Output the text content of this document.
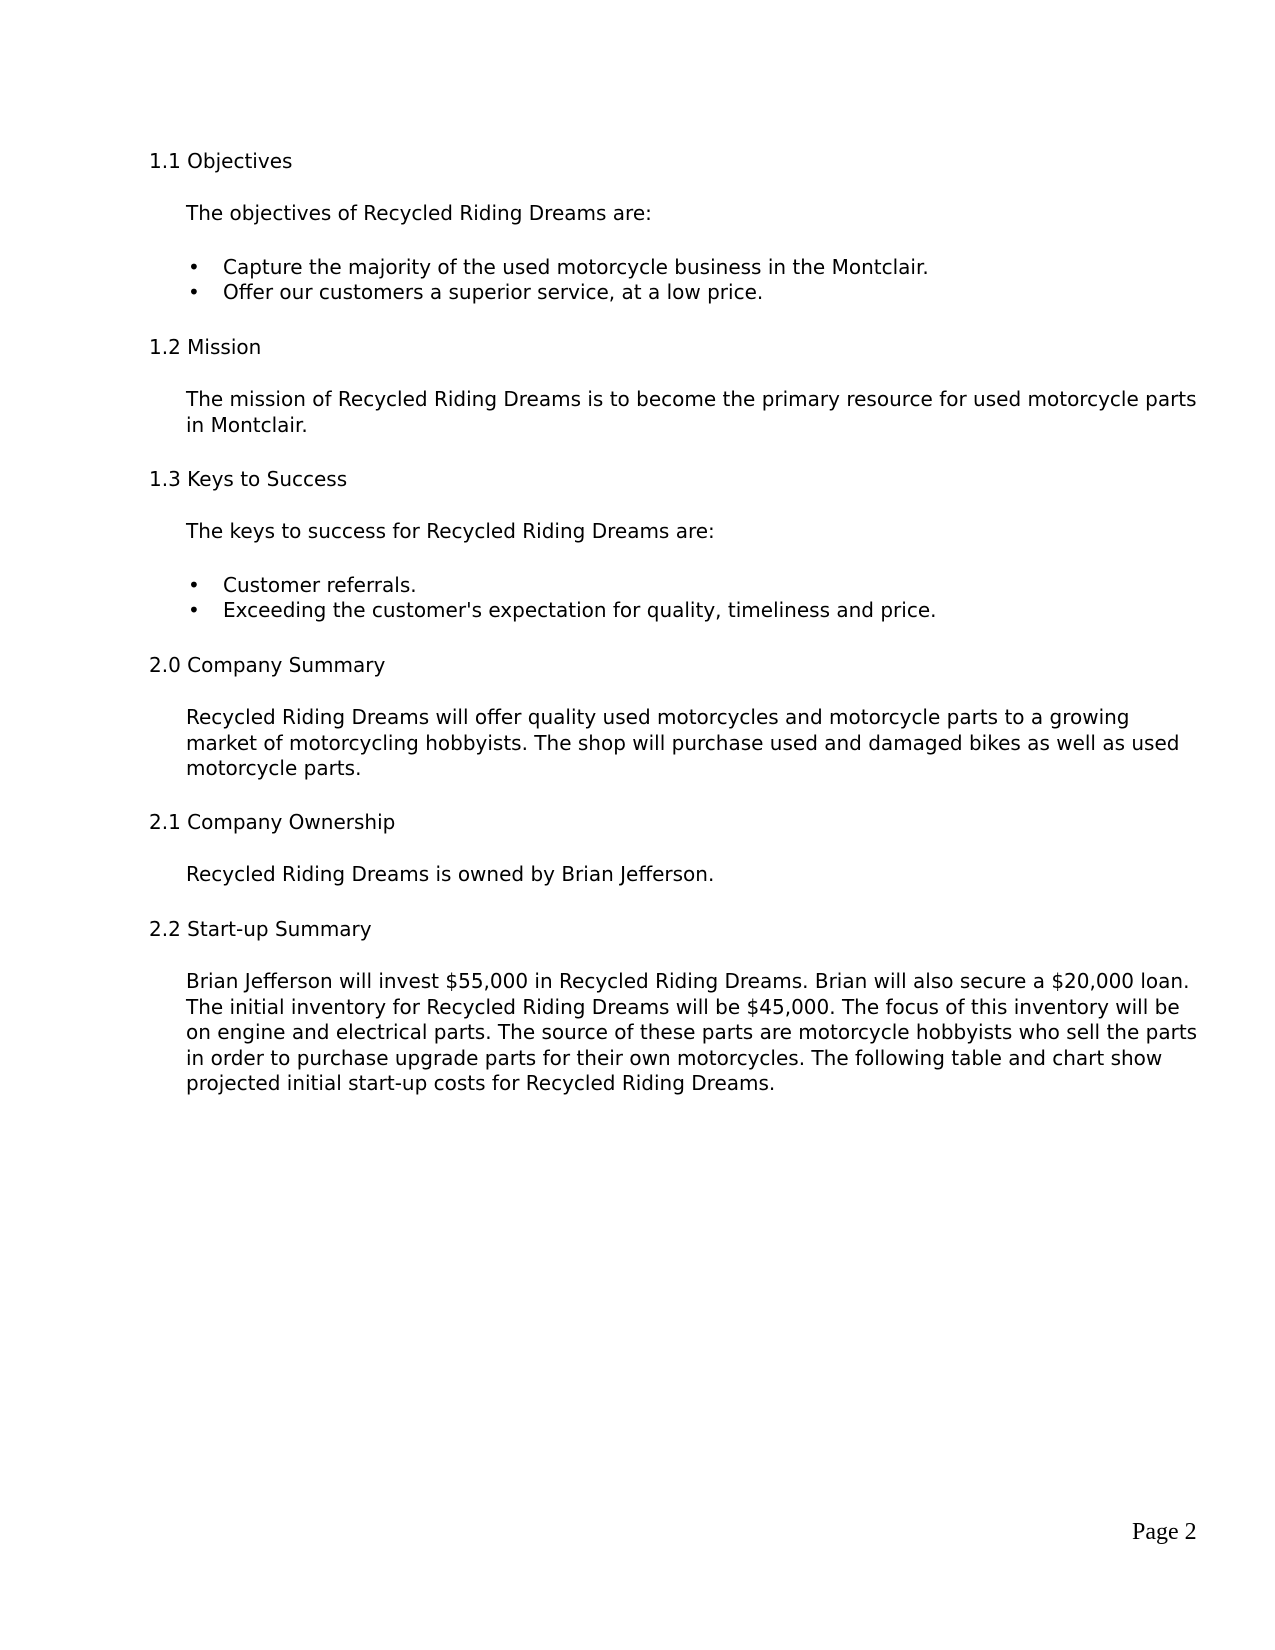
1.1 Objectives
The objectives of Recycled Riding Dreams are:
• Capture the majority of the used motorcycle business in the Montclair.
• Offer our customers a superior service, at a low price.
1.2 Mission
The mission of Recycled Riding Dreams is to become the primary resource for used motorcycle parts in Montclair.
1.3 Keys to Success
The keys to success for Recycled Riding Dreams are:
• Customer referrals.
• Exceeding the customer's expectation for quality, timeliness and price.
2.0 Company Summary
Recycled Riding Dreams will offer quality used motorcycles and motorcycle parts to a growing market of motorcycling hobbyists. The shop will purchase used and damaged bikes as well as used motorcycle parts.
2.1 Company Ownership
Recycled Riding Dreams is owned by Brian Jefferson.
2.2 Start-up Summary
Brian Jefferson will invest $55,000 in Recycled Riding Dreams. Brian will also secure a $20,000 loan. The initial inventory for Recycled Riding Dreams will be $45,000. The focus of this inventory will be on engine and electrical parts. The source of these parts are motorcycle hobbyists who sell the parts in order to purchase upgrade parts for their own motorcycles. The following table and chart show projected initial start-up costs for Recycled Riding Dreams.
Page 2
